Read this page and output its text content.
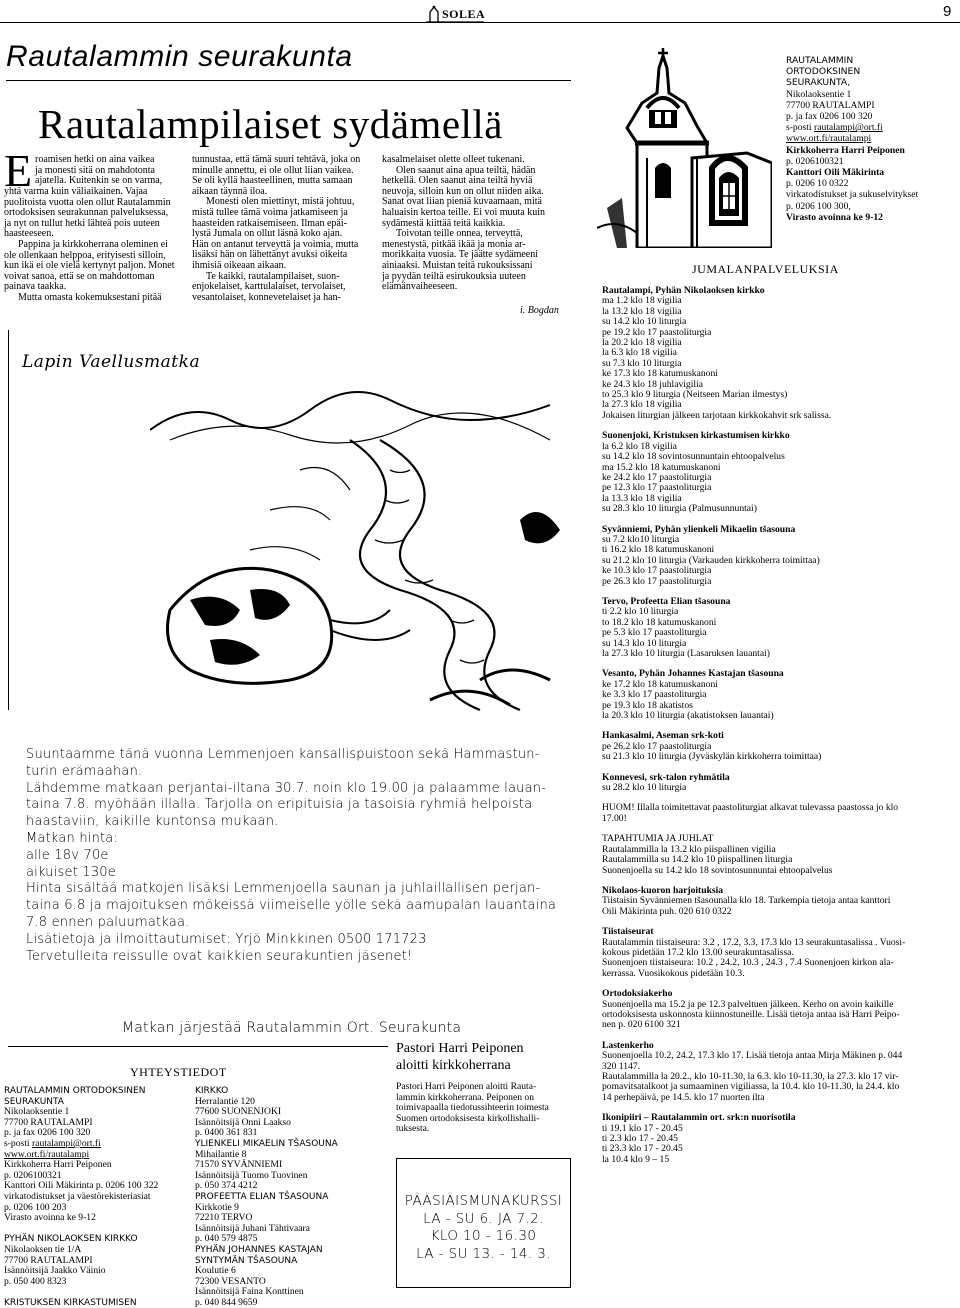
SOLEA	9
Rautalammin seurakunta
Rautalampilaiset sydämellä
E roamisen hetki on aina vaikea
ja monesti sitä on mahdotonta
ajatella. Kuitenkin se on varma,
yhtä varma kuin väliaikainen. Vajaa
puolitoista vuotta olen ollut Rautalammin
ortodoksisen seurakunnan palveluksessa,
ja nyt on tullut hetki lähteä pois uuteen
haasteeseen.
Pappina ja kirkkoherrana oleminen ei
ole ollenkaan helppoa, erityisesti silloin,
kun ikä ei ole vielä kertynyt paljon. Monet
voivat sanoa, että se on mahdottoman
painava taakka.
Mutta omasta kokemuksestani pitää
tunnustaa, että tämä suuri tehtävä, joka on
minulle annettu, ei ole ollut liian vaikea.
Se oli kyllä haasteellinen, mutta samaan
aikaan täynnä iloa.
Monesti olen miettinyt, mistä johtuu,
mistä tullee tämä voima jatkamiseen ja
haasteiden ratkaisemiseen. Ilman epäi-
lystä Jumala on ollut läsnä koko ajan.
Hän on antanut terveyttä ja voimia, mutta
lisäksi hän on lähettänyt avuksi oikeita
ihmisiä oikeaan aikaan.
Te kaikki, rautalampilaiset, suon-
enjokelaiset, karttulalaiset, tervolaiset,
vesantolaiset, konnevetelaiset ja han-
kasalmelaiset olette olleet tukenani.
Olen saanut aina apua teiltä, hädän
hetkellä. Olen saanut aina teiltä hyviä
neuvoja, silloin kun on ollut niiden aika.
Sanat ovat liian pieniä kuvaamaan, mitä
haluaisin kertoa teille. Ei voi muuta kuin
sydämestä kiittää teitä kaikkia.
Toivotan teille onnea, terveyttä,
menestystä, pitkää ikää ja monia ar-
morikkaita vuosia. Te jäätte sydämeeni
ainiaaksi. Muistan teitä rukouksissani
ja pyydän teiltä esirukouksia uuteen
elämänvaiheeseen.
i. Bogdan
RAUTALAMMIN
ORTODOKSINEN
SEURAKUNTA,
Nikolaoksentie 1
77700 RAUTALAMPI
p. ja fax 0206 100 320
s-posti rautalampi@ort.fi
www.ort.fi/rautalampi
Kirkkoherra Harri Peiponen
p. 0206100321
Kanttori Oili Mäkirinta
p. 0206 10 0322
virkatodistukset ja sukuselvitykset
p. 0206 100 300,
Virasto avoinna ke 9-12
JUMALANPALVELUKSIA
Rautalampi, Pyhän Nikolaoksen kirkko
ma 1.2 klo 18 vigilia
la 13.2 klo 18 vigilia
su 14.2 klo 10 liturgia
pe 19.2 klo 17 paastoliturgia
la 20.2 klo 18 vigilia
la 6.3 klo 18 vigilia
su 7.3 klo 10 liturgia
ke 17.3 klo 18 katumuskanoni
ke 24.3 klo 18 juhlavigilia
to 25.3 klo 9 liturgia (Neitseen Marian ilmestys)
la 27.3 klo 18 vigilia
Jokaisen liturgian jälkeen tarjotaan kirkkokahvit srk salissa.
Suonenjoki, Kristuksen kirkastumisen kirkko
la 6.2 klo 18 vigilia
su 14.2 klo 18 sovintosunnuntain ehtoopalvelus
ma 15.2 klo 18 katumuskanoni
ke 24.2 klo 17 paastoliturgia
pe 12.3 klo 17 paastoliturgia
la 13.3 klo 18 vigilia
su 28.3 klo 10 liturgia (Palmusunnuntai)
Syvänniemi, Pyhän ylienkeli Mikaelin tšasouna
su 7.2 klo10 liturgia
ti 16.2 klo 18 katumuskanoni
su 21.2 klo 10 liturgia (Varkauden kirkkoherra toimittaa)
ke 10.3 klo 17 paastoliturgia
pe 26.3 klo 17 paastoliturgia
Tervo, Profeetta Elian tšasouna
ti 2.2 klo 10 liturgia
to 18.2 klo 18 katumuskanoni
pe 5.3 klo 17 paastoliturgia
su 14.3 klo 10 liturgia
la 27.3 klo 10 liturgia (Lasaruksen lauantai)
Vesanto, Pyhän Johannes Kastajan tšasouna
ke 17.2 klo 18 katumuskanoni
ke 3.3 klo 17 paastoliturgia
pe 19.3 klo 18 akatistos
la 20.3 klo 10 liturgia (akatistoksen lauantai)
Hankasalmi, Aseman srk-koti
pe 26.2 klo 17 paastoliturgia
su 21.3 klo 10 liturgia (Jyväskylän kirkkoherra toimittaa)
Konnevesi, srk-talon ryhmätila
su 28.2 klo 10 liturgia
HUOM! Illalla toimitettavat paastoliturgiat alkavat tulevassa paastossa jo klo
17.00!
TAPAHTUMIA JA JUHLAT
Rautalammilla la 13.2 klo piispallinen vigilia
Rautalammilla su 14.2 klo 10 piispallinen liturgia
Suonenjoella su 14.2 klo 18 sovintosunnuntai ehtoopalvelus
Nikolaos-kuoron harjoituksia
Tiistaisin Syvänniemen tšasounalla klo 18. Tarkempia tietoja antaa kanttori
Oili Mäkirinta puh. 020 610 0322
Tiistaiseurat
Rautalammin tiistaiseura: 3.2 , 17.2, 3.3, 17.3 klo 13 seurakuntasalissa . Vuosi-
kokous pidetään 17.2 klo 13.00 seurakuntasalissa.
Suonenjoen tiistaiseura: 10.2 , 24.2, 10.3 , 24.3 , 7.4 Suonenjoen kirkon ala-
kerrassa. Vuosikokous pidetään 10.3.
Ortodoksiakerho
Suonenjoella ma 15.2 ja pe 12.3 palveltuen jälkeen. Kerho on avoin kaikille
ortodoksisesta uskonnosta kiinnostuneille. Lisää tietoja antaa isä Harri Peipo-
nen p. 020 6100 321
Lastenkerho
Suonenjoella 10.2, 24.2, 17.3 klo 17. Lisää tietoja antaa Mirja Mäkinen p. 044
320 1147.
Rautalammilla la 20.2., klo 10-11.30, la 6.3. klo 10-11.30, la 27.3. klo 17 vir-
pomavitsatalkoot ja sumaaminen vigiliassa, la 10.4. klo 10-11.30, la 24.4. klo
14 perhepäivä, pe 14.5. klo 17 nuorten ilta
Ikonipiiri – Rautalammin ort. srk:n nuorisotila
ti 19.1 klo 17 - 20.45
ti 2.3 klo 17 - 20.45
ti 23.3 klo 17 - 20.45
la 10.4 klo 9 – 15
Lapin Vaellusmatka
Suuntaamme tänä vuonna Lemmenjoen kansallispuistoon sekä Hammastun-
turin erämaahan.
Lähdemme matkaan perjantai-iltana 30.7. noin klo 19.00 ja palaamme lauan-
taina 7.8. myöhään illalla. Tarjolla on eripituisia ja tasoisia ryhmiä helpoista
haastaviin, kaikille kuntonsa mukaan.
Matkan hinta:
alle 18v 70e
aikuiset 130e
Hinta sisältää matkojen lisäksi Lemmenjoella saunan ja juhlaillallisen perjan-
taina 6.8 ja majoituksen mökeissä viimeiselle yölle sekä aamupalan lauantaina
7.8 ennen paluumatkaa.
Lisätietoja ja ilmoittautumiset: Yrjö Minkkinen 0500 171723
Tervetulleita reissulle ovat kaikkien seurakuntien jäsenet!
Matkan järjestää Rautalammin Ort. Seurakunta
YHTEYSTIEDOT
RAUTALAMMIN ORTODOKSINEN
SEURAKUNTA
Nikolaoksentie 1
77700 RAUTALAMPI
p. ja fax 0206 100 320
s-posti rautalampi@ort.fi
www.ort.fi/rautalampi
Kirkkoherra Harri Peiponen
p. 0206100321
Kanttori Oili Mäkirinta p. 0206 100 322
virkatodistukset ja väestörekisteriasiat
p. 0206 100 203
Virasto avoinna ke 9-12
PYHÄN NIKOLAOKSEN KIRKKO
Nikolaoksen tie 1/A
77700 RAUTALAMPI
Isännöitsijä Jaakko Väinio
p. 050 400 8323
KRISTUKSEN KIRKASTUMISEN
KIRKKO
Herralantie 120
77600 SUONENJOKI
Isännöitsijä Onni Laakso
p. 0400 361 831
YLIENKELI MIKAELIN TŠASOUNA
Mihailantie 8
71570 SYVÄNNIEMI
Isännöitsijä Tuomo Tuovinen
p. 050 374 4212
PROFEETTA ELIAN TŠASOUNA
Kirkkotie 9
72210 TERVO
Isännöitsijä Juhani Tähtivaara
p. 040 579 4875
PYHÄN JOHANNES KASTAJAN
SYNTYMÄN TŠASOUNA
Koulutie 6
72300 VESANTO
Isännöitsijä Faina Konttinen
p. 040 844 9659
Pastori Harri Peiponen
aloitti kirkkoherrana
Pastori Harri Peiponen aloitti Rauta-
lammin kirkkoherrana. Peiponen on
toimivapaalla tiedotussihteerin toimesta
Suomen ortodoksisesta kirkollishalli-
tuksesta.
PÄÄSIÄISMUNAKURSSI
LA - SU 6. JA 7.2.
KLO 10 - 16.30
LA - SU 13. - 14. 3.
